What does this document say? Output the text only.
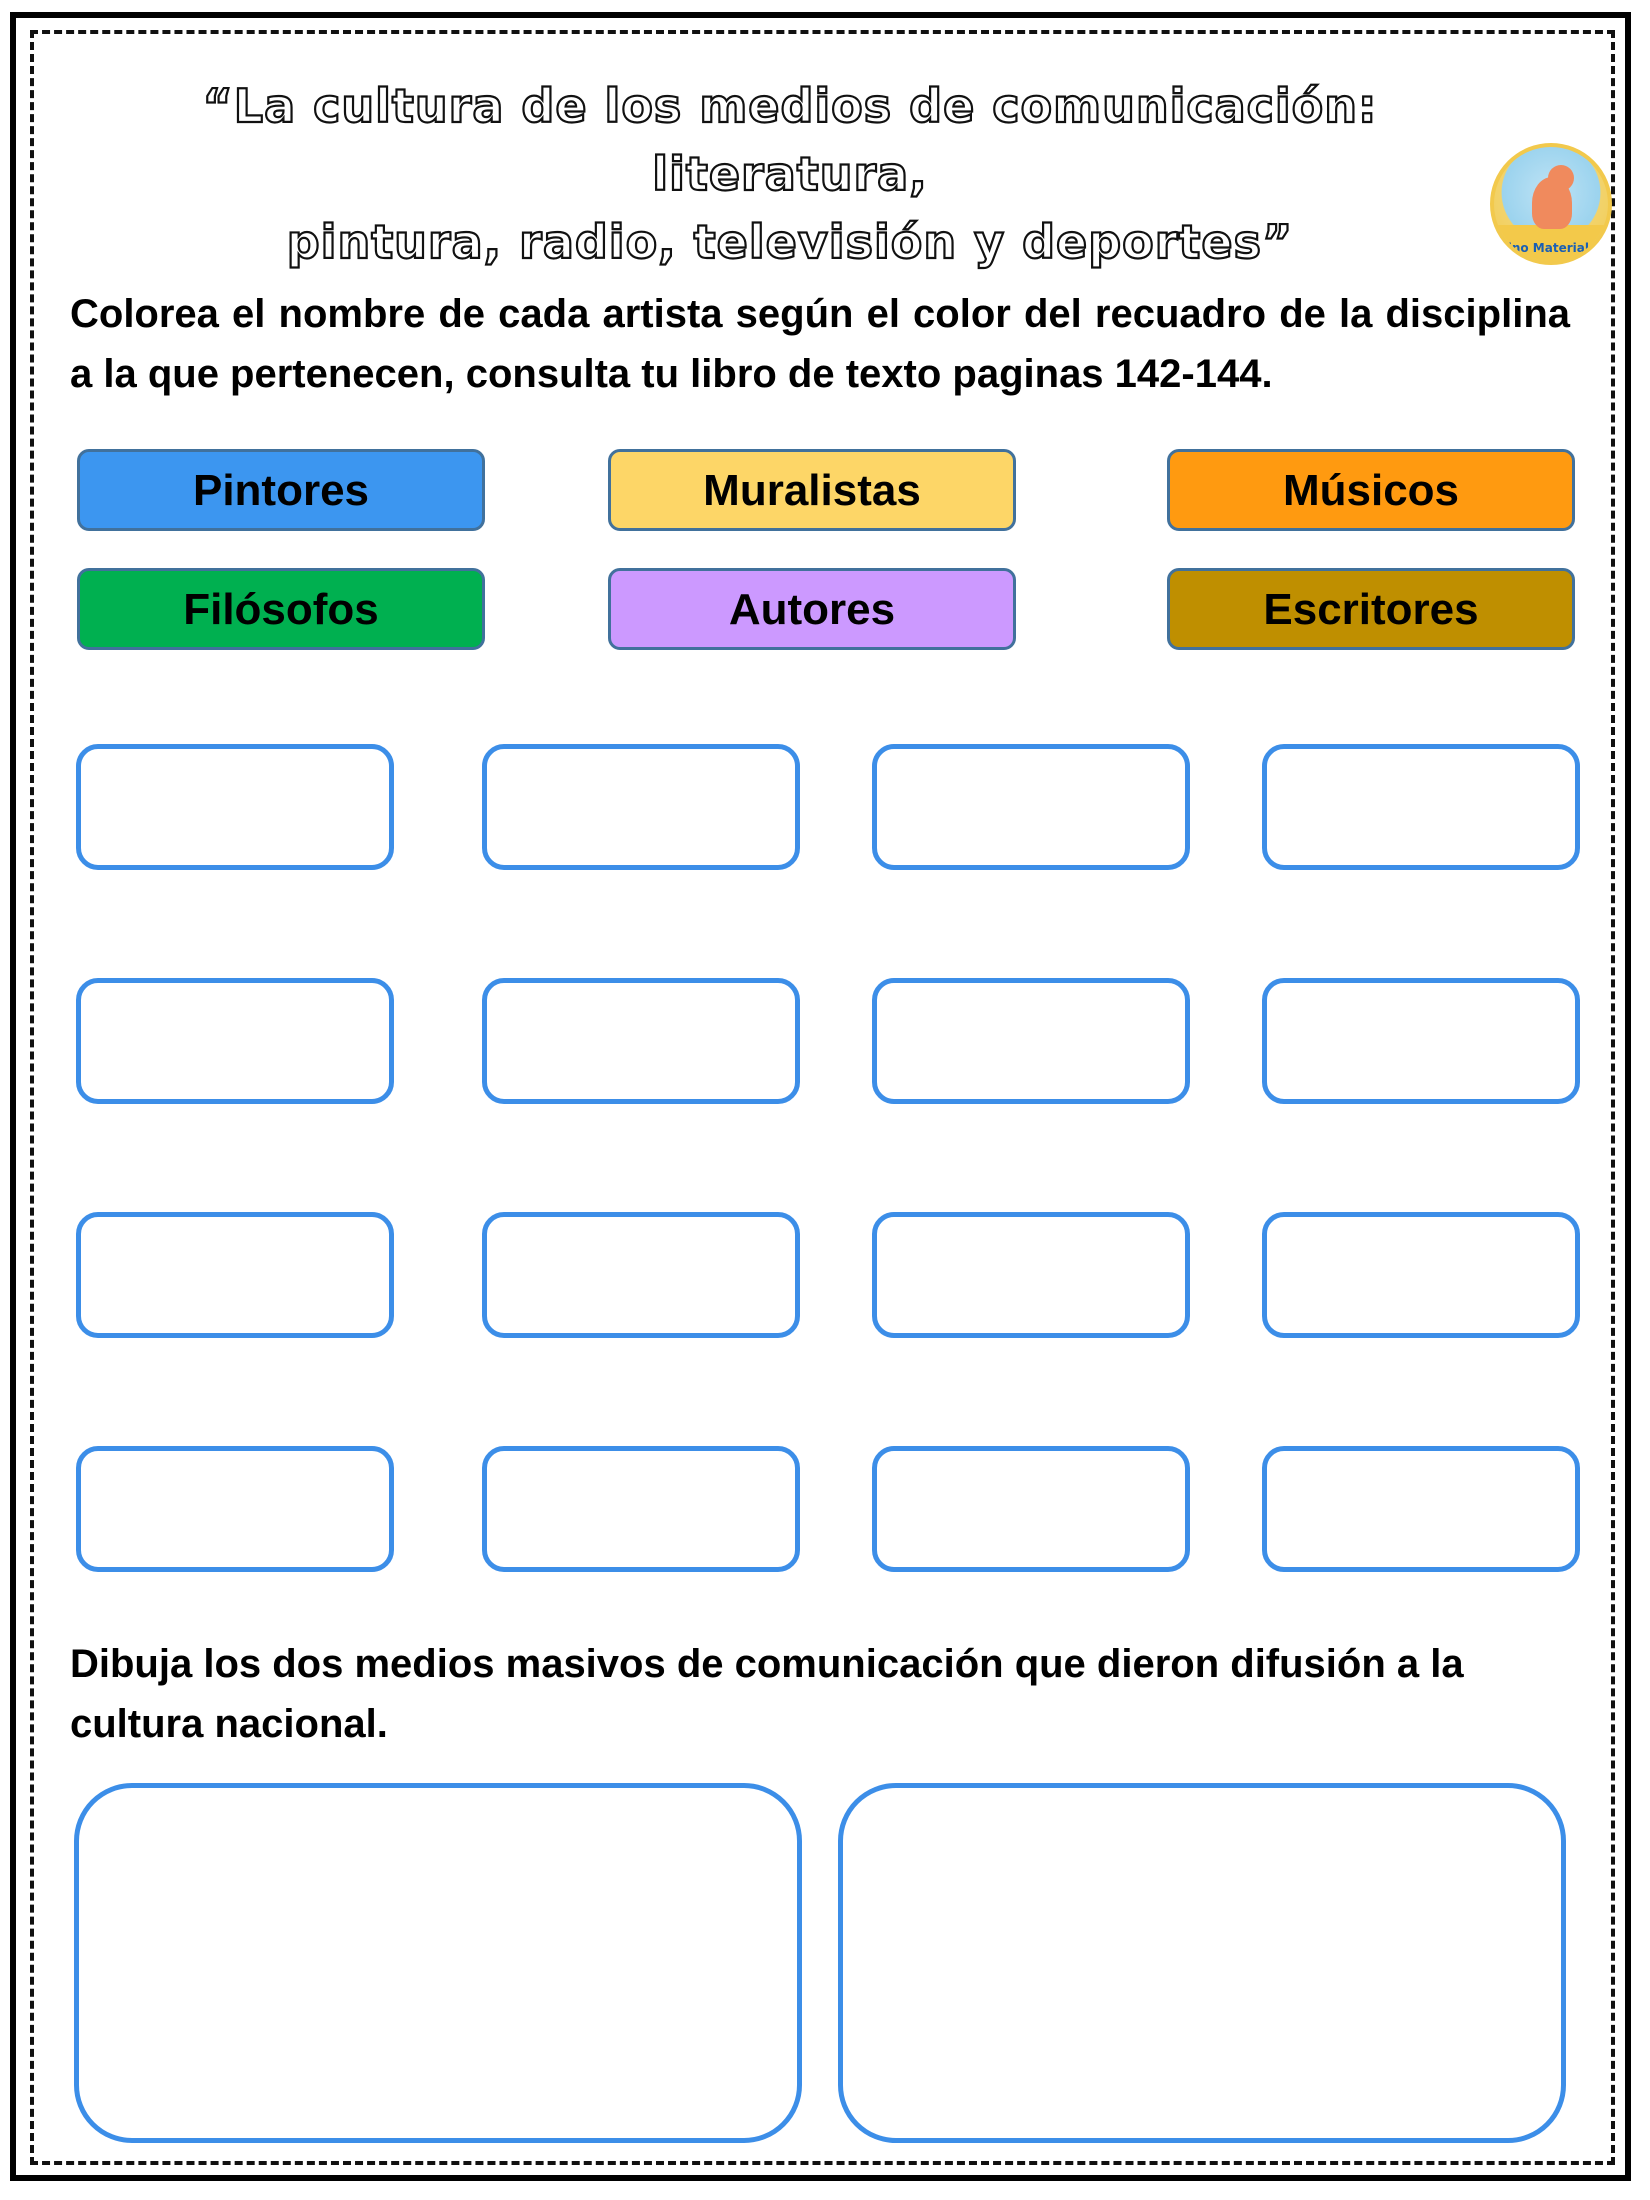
“La cultura de los medios de comunicación: literatura,
pintura, radio, televisión y deportes”	Dino Materiales
Colorea el nombre de cada artista según el color del recuadro de la disciplina a la que pertenecen, consulta tu libro de texto paginas 142-144.
Pintores	Muralistas	Músicos
Filósofos	Autores	Escritores
Dibuja los dos medios masivos de comunicación que dieron difusión a la cultura nacional.
